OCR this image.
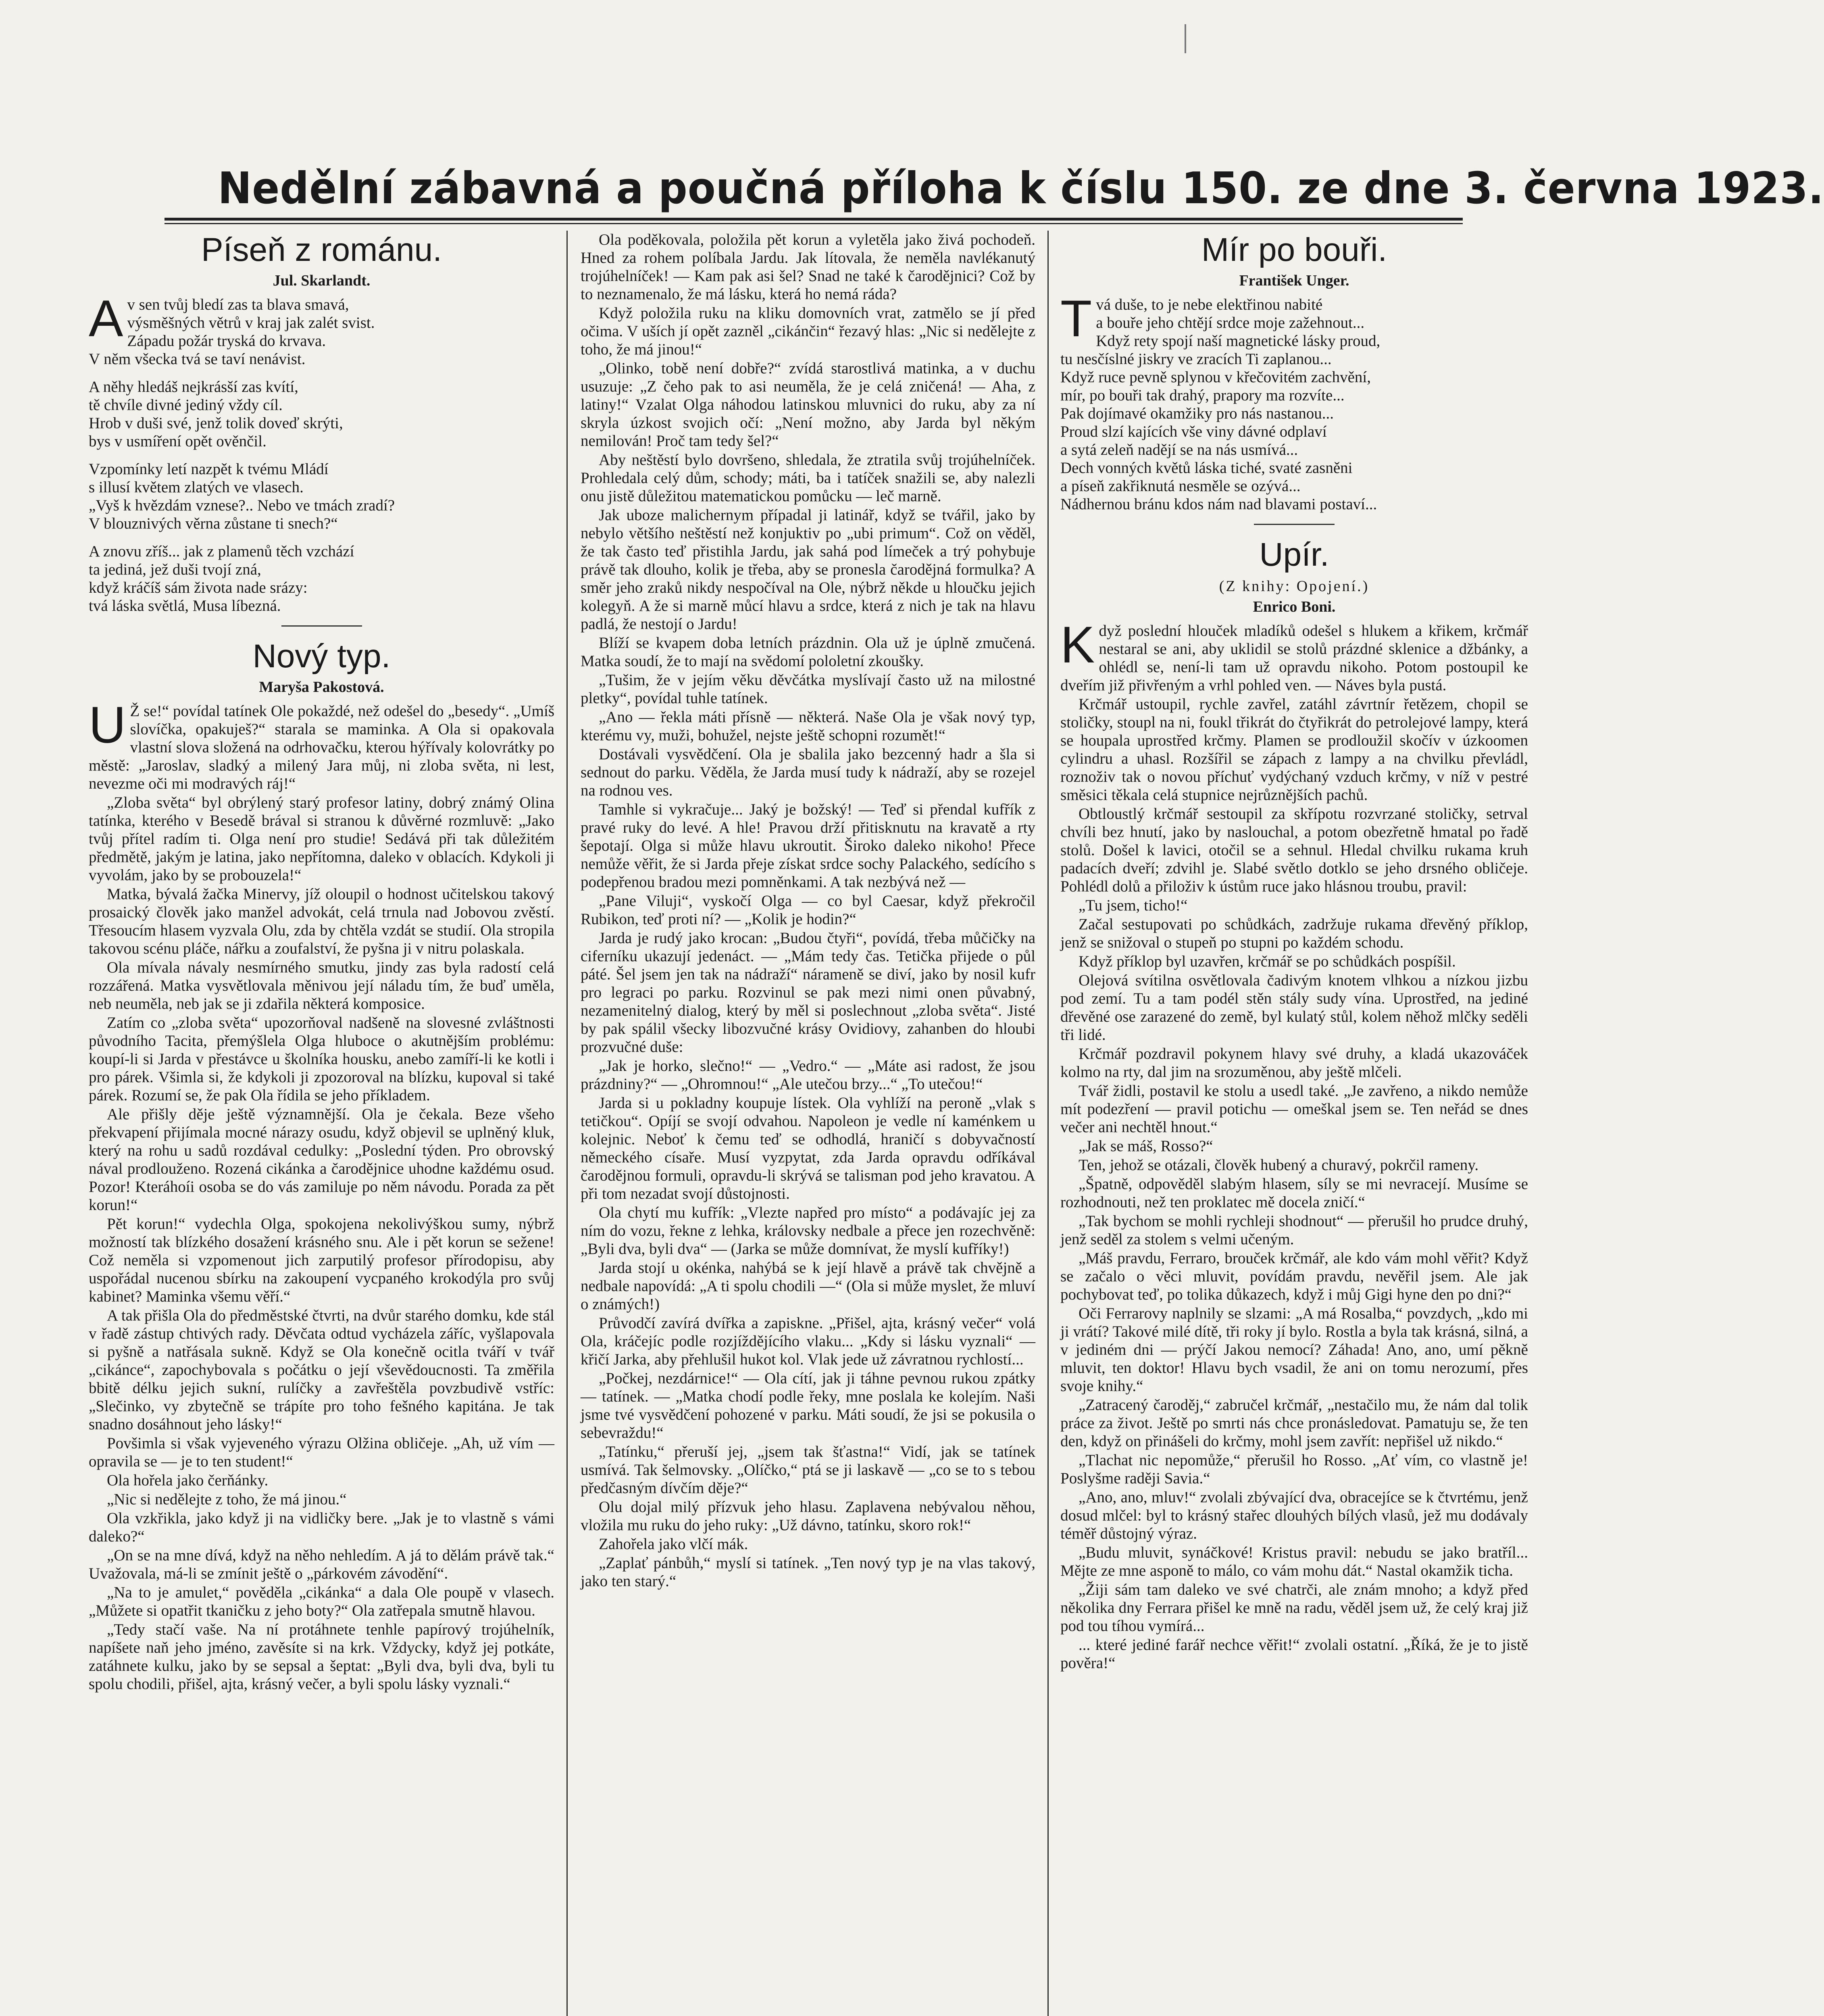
Nedělní zábavná a poučná příloha k číslu 150. ze dne 3. června 1923.
Píseň z románu.
Jul. Skarlandt.
A v sen tvůj bledí zas ta blava smavá,
výsměšných větrů v kraj jak zalét svist.
Západu požár tryská do krvava.
V něm všecka tvá se taví nenávist.
A něhy hledáš nejkrásší zas kvítí,
tě chvíle divné jediný vždy cíl.
Hrob v duši své, jenž tolik doveď skrýti,
bys v usmíření opět ověnčil.
Vzpomínky letí nazpět k tvému Mládí
s illusí květem zlatých ve vlasech.
„Vyš k hvězdám vznese?.. Nebo ve tmách zradí?
V blouznivých věrna zůstane ti snech?“
A znovu zříš... jak z plamenů těch vzchází
ta jediná, jež duši tvojí zná,
když kráčíš sám života nade srázy:
tvá láska světlá, Musa líbezná.
Nový typ.
Maryša Pakostová.

U Ž se!“ povídal tatínek Ole pokaždé, než odešel do „besedy“. „Umíš slovíčka, opakuješ?“ starala se maminka. A Ola si opakovala vlastní slova složená na odrhovačku, kterou hýřívaly kolovrátky po městě: „Jaroslav, sladký a milený Jara můj, ni zloba světa, ni lest, nevezme oči mi modravých ráj!“

„Zloba světa“ byl obrýlený starý profesor latiny, dobrý známý Olina tatínka, kterého v Besedě brával si stranou k důvěrné rozmluvě: „Jako tvůj přítel radím ti. Olga není pro studie! Sedává při tak důležitém předmětě, jakým je latina, jako nepřítomna, daleko v oblacích. Kdykoli ji vyvolám, jako by se probouzela!“

Matka, bývalá žačka Minervy, jíž oloupil o hodnost učitelskou takový prosaický člověk jako manžel advokát, celá trnula nad Jobovou zvěstí. Třesoucím hlasem vyzvala Olu, zda by chtěla vzdát se studií. Ola stropila takovou scénu pláče, nářku a zoufalství, že pyšna ji v nitru polaskala.

Ola mívala návaly nesmírného smutku, jindy zas byla radostí celá rozzářená. Matka vysvětlovala měnivou její náladu tím, že buď uměla, neb neuměla, neb jak se ji zdařila některá komposice.

Zatím co „zloba světa“ upozorňoval nadšeně na slovesné zvláštnosti původního Tacita, přemýšlela Olga hluboce o akutnějším problému: koupí-li si Jarda v přestávce u školníka housku, anebo zamíří-li ke kotli i pro párek. Všimla si, že kdykoli ji zpozoroval na blízku, kupoval si také párek. Rozumí se, že pak Ola řídila se jeho příkladem.

Ale přišly děje ještě významnější. Ola je čekala. Beze všeho překvapení přijímala mocné nárazy osudu, když objevil se uplněný kluk, který na rohu u sadů rozdával cedulky: „Poslední týden. Pro obrovský nával prodlouženo. Rozená cikánka a čarodějnice uhodne každému osud. Pozor! Kteráhoíi osoba se do vás zamiluje po něm návodu. Porada za pět korun!“

Pět korun!“ vydechla Olga, spokojena nekolivýškou sumy, nýbrž možností tak blízkého dosažení krásného snu. Ale i pět korun se sežene! Což neměla si vzpomenout jich zarputilý profesor přírodopisu, aby uspořádal nucenou sbírku na zakoupení vycpaného krokodýla pro svůj kabinet? Maminka všemu věří.“

A tak přišla Ola do předměstské čtvrti, na dvůr starého domku, kde stál v řadě zástup chtivých rady. Děvčata odtud vycházela záříc, vyšlapovala si pyšně a natřásala sukně. Když se Ola konečně ocitla tváří v tvář „cikánce“, zapochybovala s počátku o její vševědoucnosti. Ta změřila bbitě délku jejich sukní, rulíčky a zavřeštěla povzbudivě vstříc: „Slečinko, vy zbytečně se trápíte pro toho fešného kapitána. Je tak snadno dosáhnout jeho lásky!“

Povšimla si však vyjeveného výrazu Olžina obličeje. „Ah, už vím — opravila se — je to ten student!“

Ola hořela jako čerňánky.

„Nic si nedělejte z toho, že má jinou.“

Ola vzkřikla, jako když ji na vidličky bere. „Jak je to vlastně s vámi daleko?“

„On se na mne dívá, když na něho nehledím. A já to dělám právě tak.“ Uvažovala, má-li se zmínit ještě o „párkovém závodění“.

„Na to je amulet,“ pověděla „cikánka“ a dala Ole poupě v vlasech. „Můžete si opatřit tkaničku z jeho boty?“ Ola zatřepala smutně hlavou.

„Tedy stačí vaše. Na ní protáhnete tenhle papírový trojúhelník, napíšete naň jeho jméno, zavěsíte si na krk. Vždycky, když jej potkáte, zatáhnete kulku, jako by se sepsal a šeptat: „Byli dva, byli dva, byli tu spolu chodili, přišel, ajta, krásný večer, a byli spolu lásky vyznali.“

Ola poděkovala, položila pět korun a vyletěla jako živá pochodeň. Hned za rohem políbala Jardu. Jak lítovala, že neměla navlékanutý trojúhelníček! — Kam pak asi šel? Snad ne také k čarodějnici? Což by to neznamenalo, že má lásku, která ho nemá ráda?

Když položila ruku na kliku domovních vrat, zatmělo se jí před očima. V uších jí opět zazněl „cikánčin“ řezavý hlas: „Nic si nedělejte z toho, že má jinou!“

„Olinko, tobě není dobře?“ zvídá starostlivá matinka, a v duchu usuzuje: „Z čeho pak to asi neuměla, že je celá zničená! — Aha, z latiny!“ Vzalat Olga náhodou latinskou mluvnici do ruku, aby za ní skryla úzkost svojich očí: „Není možno, aby Jarda byl někým nemilován! Proč tam tedy šel?“

Aby neštěstí bylo dovršeno, shledala, že ztratila svůj trojúhelníček. Prohledala celý dům, schody; máti, ba i tatíček snažili se, aby nalezli onu jistě důležitou matematickou pomůcku — leč marně.

Jak uboze malichernym případal ji latinář, když se tvářil, jako by nebylo většího neštěstí než konjuktiv po „ubi primum“. Což on věděl, že tak často teď přistihla Jardu, jak sahá pod límeček a trý pohybuje právě tak dlouho, kolik je třeba, aby se pronesla čarodějná formulka? A směr jeho zraků nikdy nespočíval na Ole, nýbrž někde u hloučku jejich kolegyň. A že si marně můcí hlavu a srdce, která z nich je tak na hlavu padlá, že nestojí o Jardu!

Blíží se kvapem doba letních prázdnin. Ola už je úplně zmučená. Matka soudí, že to mají na svědomí pololetní zkoušky.

„Tušim, že v jejím věku děvčátka myslívají často už na milostné pletky“, povídal tuhle tatínek.

„Ano — řekla máti přísně — některá. Naše Ola je však nový typ, kterému vy, muži, bohužel, nejste ještě schopni rozumět!“

Dostávali vysvědčení. Ola je sbalila jako bezcenný hadr a šla si sednout do parku. Věděla, že Jarda musí tudy k nádraží, aby se rozejel na rodnou ves.

Tamhle si vykračuje... Jaký je božský! — Teď si přendal kufřík z pravé ruky do levé. A hle! Pravou drží přitisknutu na kravatě a rty šepotají. Olga si může hlavu ukroutit. Široko daleko nikoho! Přece nemůže věřit, že si Jarda přeje získat srdce sochy Palackého, sedícího s podepřenou bradou mezi pomněnkami. A tak nezbývá než —

„Pane Viluji“, vyskočí Olga — co byl Caesar, když překročil Rubikon, teď proti ní? — „Kolik je hodin?“

Jarda je rudý jako krocan: „Budou čtyři“, povídá, třeba můčičky na ciferníku ukazují jedenáct. — „Mám tedy čas. Tetička přijede o půl páté. Šel jsem jen tak na nádraží“ nárameně se diví, jako by nosil kufr pro legraci po parku. Rozvinul se pak mezi nimi onen půvabný, nezamenitelný dialog, který by měl si poslechnout „zloba světa“. Jisté by pak spálil všecky libozvučné krásy Ovidiovy, zahanben do hloubi prozvučné duše:

„Jak je horko, slečno!“ — „Vedro.“ — „Máte asi radost, že jsou prázdniny?“ — „Ohromnou!“ „Ale utečou brzy...“ „To utečou!“

Jarda si u pokladny koupuje lístek. Ola vyhlíží na peroně „vlak s tetičkou“. Opíjí se svojí odvahou. Napoleon je vedle ní kaménkem u kolejnic. Neboť k čemu teď se odhodlá, hraničí s dobyvačností německého císaře. Musí vyzpytat, zda Jarda opravdu odříkával čarodějnou formuli, opravdu-li skrývá se talisman pod jeho kravatou. A při tom nezadat svojí důstojnosti.

Ola chytí mu kufřík: „Vlezte napřed pro místo“ a podávajíc jej za ním do vozu, řekne z lehka, královsky nedbale a přece jen rozechvěně: „Byli dva, byli dva“ — (Jarka se může domnívat, že myslí kufříky!)

Jarda stojí u okénka, nahýbá se k její hlavě a právě tak chvějně a nedbale napovídá: „A ti spolu chodili —“ (Ola si může myslet, že mluví o známých!)

Průvodčí zavírá dvířka a zapiskne. „Přišel, ajta, krásný večer“ volá Ola, kráčejíc podle rozjíždějícího vlaku... „Kdy si lásku vyznali“ — křičí Jarka, aby přehlušil hukot kol. Vlak jede už závratnou rychlostí...

„Počkej, nezdárnice!“ — Ola cítí, jak ji táhne pevnou rukou zpátky — tatínek. — „Matka chodí podle řeky, mne poslala ke kolejím. Naši jsme tvé vysvědčení pohozené v parku. Máti soudí, že jsi se pokusila o sebevraždu!“

„Tatínku,“ přeruší jej, „jsem tak šťastna!“ Vidí, jak se tatínek usmívá. Tak šelmovsky. „Olíčko,“ ptá se ji laskavě — „co se to s tebou předčasným dívčím děje?“

Olu dojal milý přízvuk jeho hlasu. Zaplavena nebývalou něhou, vložila mu ruku do jeho ruky: „Už dávno, tatínku, skoro rok!“

Zahořela jako vlčí mák.

„Zaplať pánbůh,“ myslí si tatínek. „Ten nový typ je na vlas takový, jako ten starý.“

Mír po bouři.
František Unger.
T vá duše, to je nebe elektřinou nabité
a bouře jeho chtějí srdce moje zažehnout...
Když rety spojí naší magnetické lásky proud,
tu nesčíslné jiskry ve zracích Ti zaplanou...
Když ruce pevně splynou v křečovitém zachvění,
mír, po bouři tak drahý, prapory ma rozvíte...
Pak dojímavé okamžiky pro nás nastanou...
Proud slzí kajících vše viny dávné odplaví
a sytá zeleň nadějí se na nás usmívá...
Dech vonných květů láska tiché, svaté zasněni
a píseň zakřiknutá nesměle se ozývá...
Nádhernou bránu kdos nám nad blavami postaví...
Upír.
(Z knihy: Opojení.)
Enrico Boni.

Když poslední hlouček mladíků odešel s hlukem a křikem, krčmář nestaral se ani, aby uklidil se stolů prázdné sklenice a džbánky, a ohlédl se, není-li tam už opravdu nikoho. Potom postoupil ke dveřím již přivřeným a vrhl pohled ven. — Náves byla pustá.

Krčmář ustoupil, rychle zavřel, zatáhl závrtnír řetězem, chopil se stoličky, stoupl na ni, foukl třikrát do čtyřikrát do petrolejové lampy, která se houpala uprostřed krčmy. Plamen se prodloužil skočív v úzkoomen cylindru a uhasl. Rozšířil se zápach z lampy a na chvilku převládl, roznoživ tak o novou příchuť vydýchaný vzduch krčmy, v níž v pestré směsici těkala celá stupnice nejrůznějších pachů.

Obtloustlý krčmář sestoupil za skřípotu rozvrzané stoličky, setrval chvíli bez hnutí, jako by naslouchal, a potom obezřetně hmatal po řadě stolů. Došel k lavici, otočil se a sehnul. Hledal chvilku rukama kruh padacích dveří; zdvihl je. Slabé světlo dotklo se jeho drsného obličeje. Pohlédl dolů a přiloživ k ústům ruce jako hlásnou troubu, pravil:

„Tu jsem, ticho!“

Začal sestupovati po schůdkách, zadržuje rukama dřevěný příklop, jenž se snižoval o stupeň po stupni po každém schodu.

Když příklop byl uzavřen, krčmář se po schůdkách pospíšil.

Olejová svítilna osvětlovala čadivým knotem vlhkou a nízkou jizbu pod zemí. Tu a tam podél stěn stály sudy vína. Uprostřed, na jediné dřevěné ose zarazené do země, byl kulatý stůl, kolem něhož mlčky seděli tři lidé.

Krčmář pozdravil pokynem hlavy své druhy, a kladá ukazováček kolmo na rty, dal jim na srozuměnou, aby ještě mlčeli.

Tvář židli, postavil ke stolu a usedl také. „Je zavřeno, a nikdo nemůže mít podezření — pravil potichu — omeškal jsem se. Ten neřád se dnes večer ani nechtěl hnout.“

„Jak se máš, Rosso?“

Ten, jehož se otázali, člověk hubený a churavý, pokrčil rameny.

„Špatně, odpověděl slabým hlasem, síly se mi nevracejí. Musíme se rozhodnouti, než ten proklatec mě docela zničí.“

„Tak bychom se mohli rychleji shodnout“ — přerušil ho prudce druhý, jenž seděl za stolem s velmi učeným.

„Máš pravdu, Ferraro, brouček krčmář, ale kdo vám mohl věřit? Když se začalo o věci mluvit, povídám pravdu, nevěřil jsem. Ale jak pochybovat teď, po tolika důkazech, když i můj Gigi hyne den po dni?“

Oči Ferrarovy naplnily se slzami: „A má Rosalba,“ povzdych, „kdo mi ji vrátí? Takové milé dítě, tři roky jí bylo. Rostla a byla tak krásná, silná, a v jediném dni — prýčí Jakou nemocí? Záhada! Ano, ano, umí pěkně mluvit, ten doktor! Hlavu bych vsadil, že ani on tomu nerozumí, přes svoje knihy.“

„Zatracený čaroděj,“ zabručel krčmář, „nestačilo mu, že nám dal tolik práce za život. Ještě po smrti nás chce pronásledovat. Pamatuju se, že ten den, když on přinášeli do krčmy, mohl jsem zavřít: nepřišel už nikdo.“

„Tlachat nic nepomůže,“ přerušil ho Rosso. „Ať vím, co vlastně je! Poslyšme raději Savia.“

„Ano, ano, mluv!“ zvolali zbývající dva, obracejíce se k čtvrtému, jenž dosud mlčel: byl to krásný stařec dlouhých bílých vlasů, jež mu dodávaly téměř důstojný výraz.

„Budu mluvit, synáčkové! Kristus pravil: nebudu se jako bratříl... Mějte ze mne asponě to málo, co vám mohu dát.“ Nastal okamžik ticha.

„Žiji sám tam daleko ve své chatrči, ale znám mnoho; a když před několika dny Ferrara přišel ke mně na radu, věděl jsem už, že celý kraj již pod tou tíhou vymírá...

... které jediné farář nechce věřit!“ zvolali ostatní. „Říká, že je to jistě pověra!“
